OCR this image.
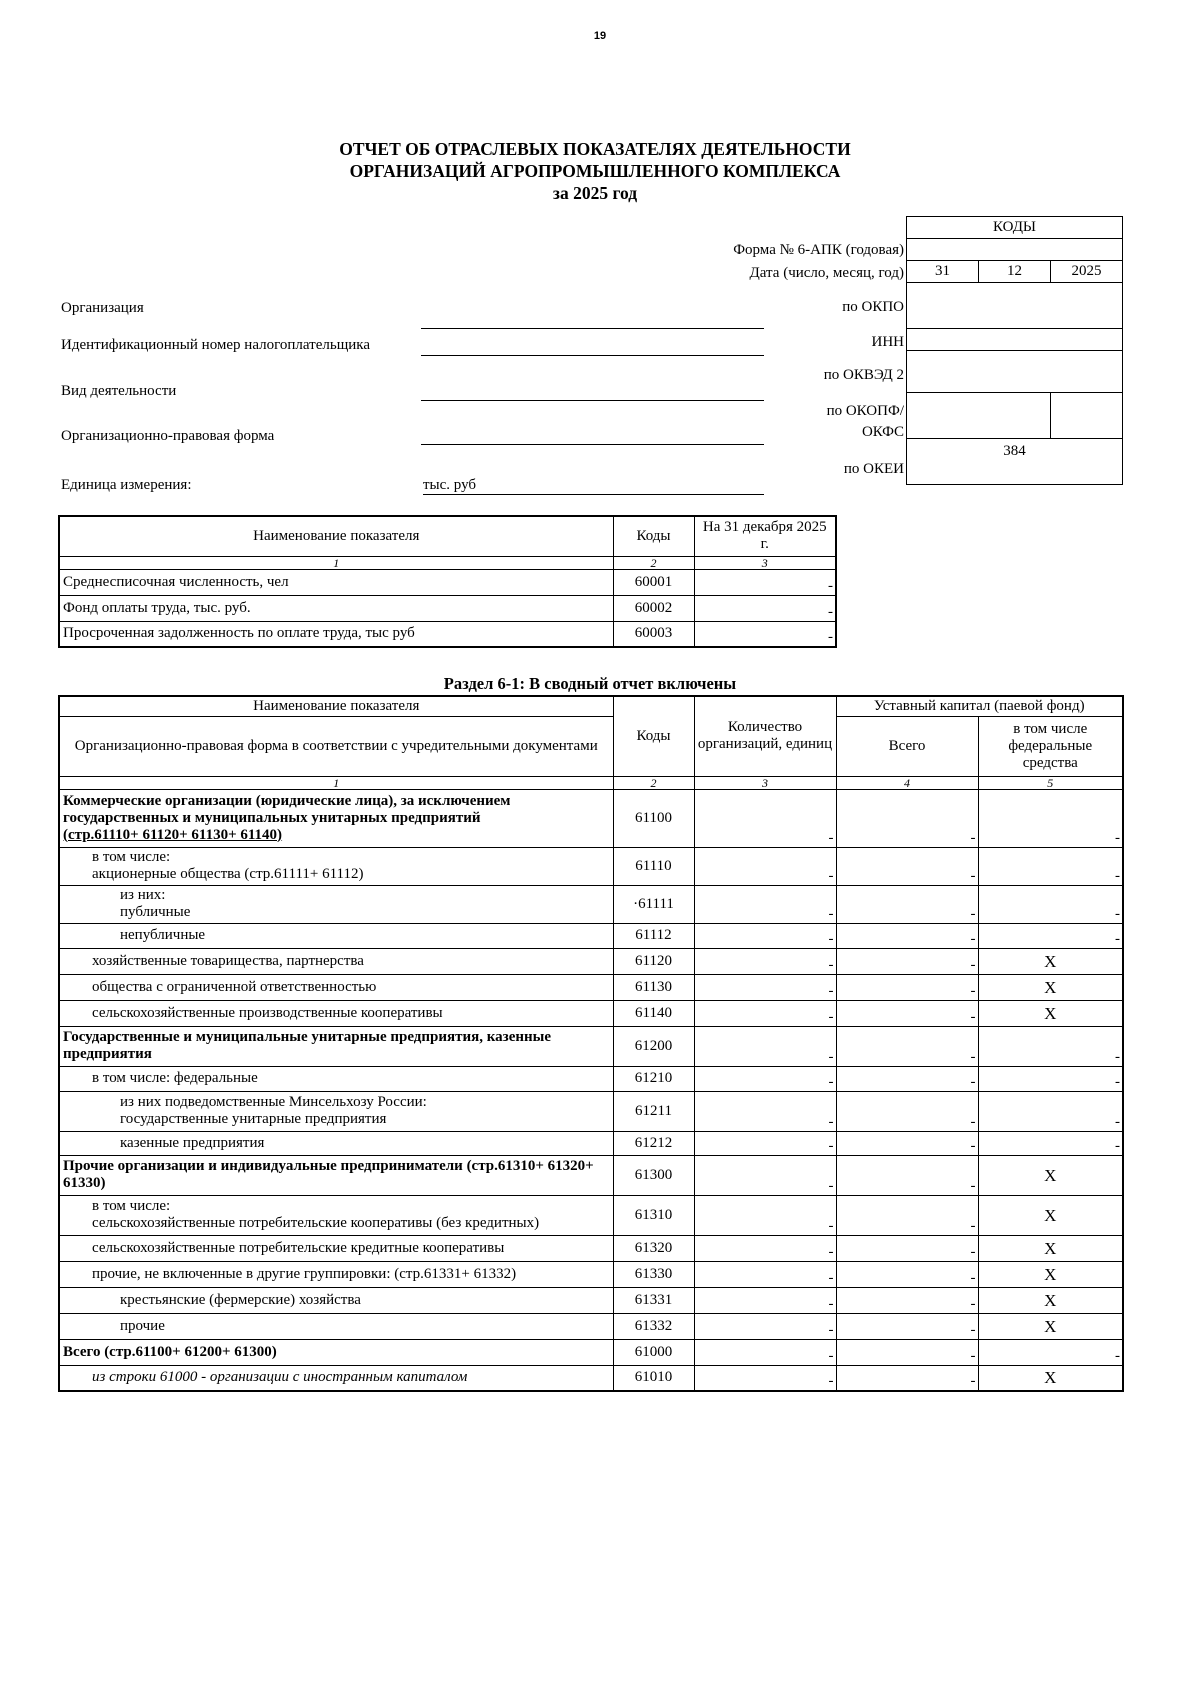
19
ОТЧЕТ ОБ ОТРАСЛЕВЫХ ПОКАЗАТЕЛЯХ ДЕЯТЕЛЬНОСТИ
ОРГАНИЗАЦИЙ АГРОПРОМЫШЛЕННОГО КОМПЛЕКСА
за 2025 год
КОДЫ		

31	12	2025

384		
Форма № 6-АПК (годовая)
Дата (число, месяц, год)
по ОКПО
ИНН
по ОКВЭД 2
по ОКОПФ/
ОКФС
по ОКЕИ
Организация
Идентификационный номер налогоплательщика
Вид деятельности
Организационно-правовая форма
Единица измерения:	тыс. руб
Наименование показателя	Коды	На 31 декабря 2025 г.
1	2	3
Среднесписочная численность, чел	60001	-
Фонд оплаты труда, тыс. руб.	60002	-
Просроченная задолженность по оплате труда, тыс руб	60003	-
Раздел 6-1: В сводный отчет включены
Наименование показателя	Коды	Количество организаций, единиц	Уставный капитал (паевой фонд)	
Организационно-правовая форма в соответствии с учредительными документами			Всего	в том числе федеральные средства
1	2	3	4	5
Коммерческие организации (юридические лица), за исключением государственных и муниципальных унитарных предприятий
(стр.61110+ 61120+ 61130+ 61140)	61100	-	-	-
в том числе:
акционерные общества (стр.61111+ 61112)	61110	-	-	-
из них:
публичные	·61111	-	-	-
непубличные	61112	-	-	-
хозяйственные товарищества, партнерства	61120	-	-	X
общества с ограниченной ответственностью	61130	-	-	X
сельскохозяйственные производственные кооперативы	61140	-	-	X
Государственные и муниципальные унитарные предприятия, казенные предприятия	61200	-	-	-
в том числе: федеральные	61210	-	-	-
из них подведомственные Минсельхозу России:
государственные унитарные предприятия	61211	-	-	-
казенные предприятия	61212	-	-	-
Прочие организации и индивидуальные предприниматели (стр.61310+ 61320+ 61330)	61300	-	-	X
в том числе:
сельскохозяйственные потребительские кооперативы (без кредитных)	61310	-	-	X
сельскохозяйственные потребительские кредитные кооперативы	61320	-	-	X
прочие, не включенные в другие группировки: (стр.61331+ 61332)	61330	-	-	X
крестьянские (фермерские) хозяйства	61331	-	-	X
прочие	61332	-	-	X
Всего (стр.61100+ 61200+ 61300)	61000	-	-	-
из строки 61000 - организации с иностранным капиталом	61010	-	-	X
